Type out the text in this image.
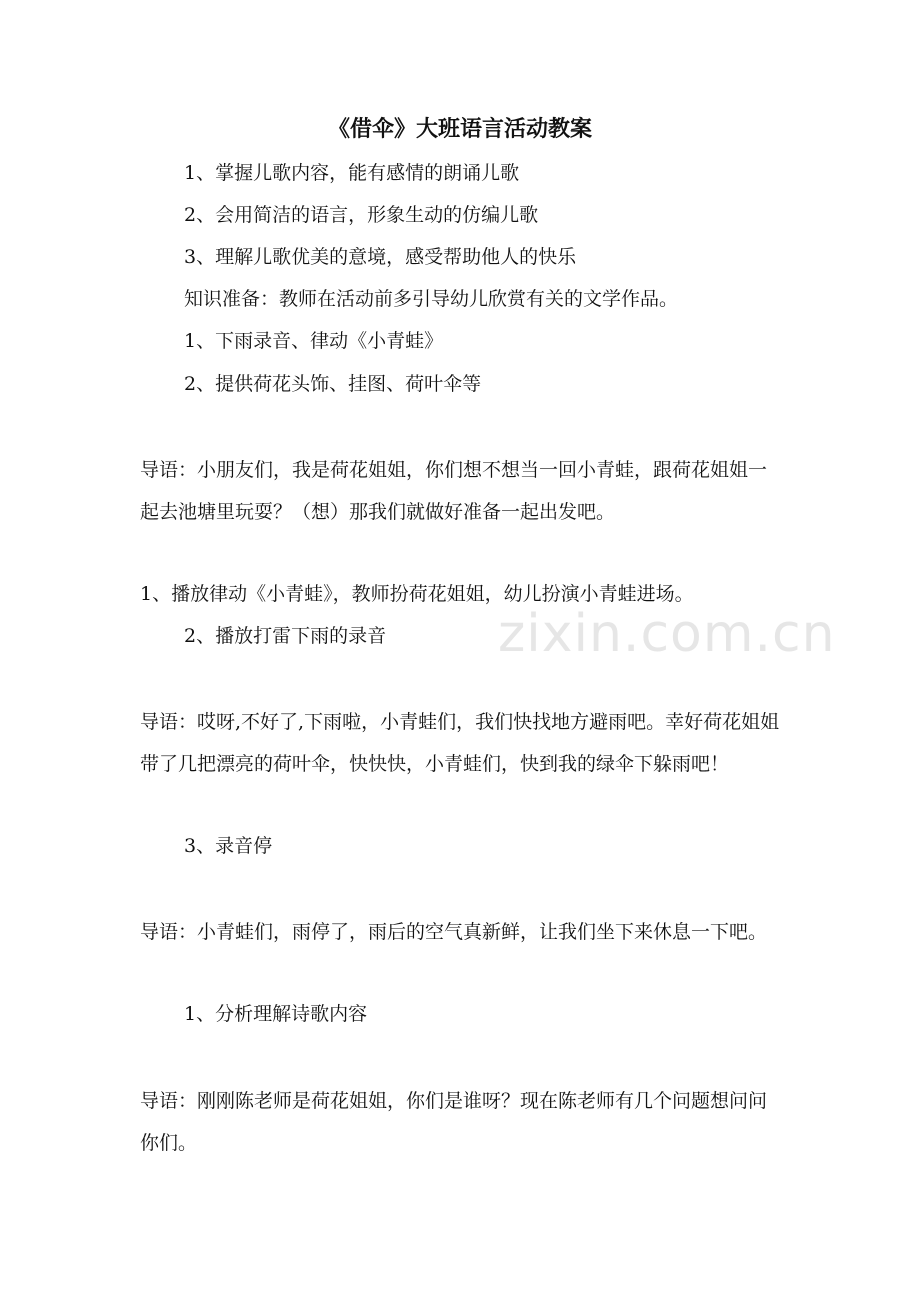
zixin.com.cn
《借伞》大班语言活动教案
1、掌握儿歌内容，能有感情的朗诵儿歌
2、会用简洁的语言，形象生动的仿编儿歌
3、理解儿歌优美的意境，感受帮助他人的快乐
知识准备：教师在活动前多引导幼儿欣赏有关的文学作品。
1、下雨录音、律动《小青蛙》
2、提供荷花头饰、挂图、荷叶伞等
导语：小朋友们，我是荷花姐姐，你们想不想当一回小青蛙，跟荷花姐姐一起去池塘里玩耍？（想）那我们就做好准备一起出发吧。
1、播放律动《小青蛙》，教师扮荷花姐姐，幼儿扮演小青蛙进场。
2、播放打雷下雨的录音
导语：哎呀,不好了,下雨啦，小青蛙们，我们快找地方避雨吧。幸好荷花姐姐带了几把漂亮的荷叶伞，快快快，小青蛙们，快到我的绿伞下躲雨吧！
3、录音停
导语：小青蛙们，雨停了，雨后的空气真新鲜，让我们坐下来休息一下吧。
1、分析理解诗歌内容
导语：刚刚陈老师是荷花姐姐，你们是谁呀？现在陈老师有几个问题想问问你们。
